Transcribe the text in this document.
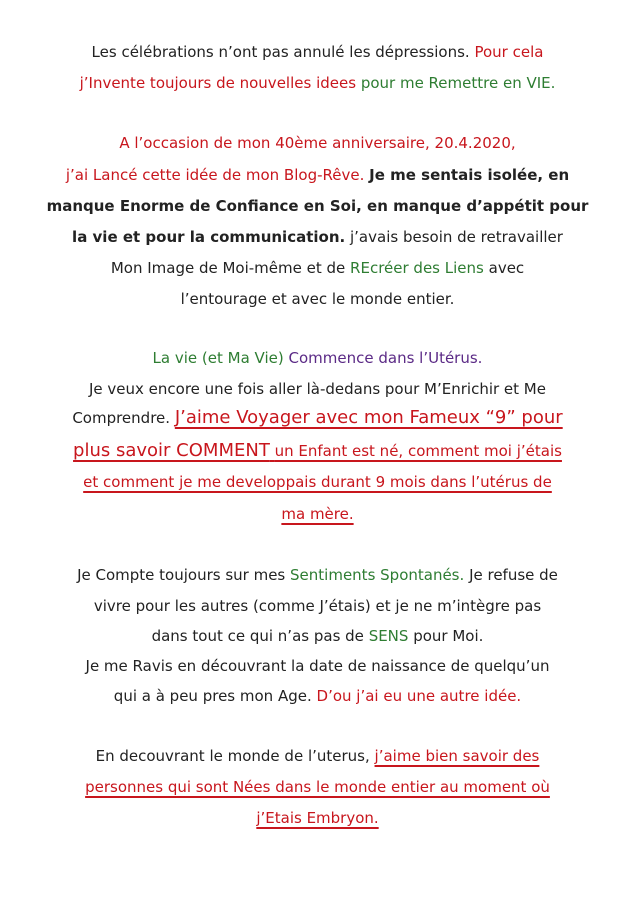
Les célébrations n’ont pas annulé les dépressions. Pour cela
j’Invente toujours de nouvelles idees pour me Remettre en VIE.
A l’occasion de mon 40ème anniversaire, 20.4.2020,
j’ai Lancé cette idée de mon Blog-Rêve. Je me sentais isolée, en
manque Enorme de Confiance en Soi, en manque d’appétit pour
la vie et pour la communication. j’avais besoin de retravailler
Mon Image de Moi-même et de REcréer des Liens avec
l’entourage et avec le monde entier.
La vie (et Ma Vie) Commence dans l’Utérus.
Je veux encore une fois aller là-dedans pour M’Enrichir et Me
Comprendre. J’aime Voyager avec mon Fameux “9” pour
plus savoir COMMENT un Enfant est né, comment moi j’étais
et comment je me developpais durant 9 mois dans l’utérus de
ma mère.
Je Compte toujours sur mes Sentiments Spontanés. Je refuse de
vivre pour les autres (comme J’étais) et je ne m’intègre pas
dans tout ce qui n’as pas de SENS pour Moi.
Je me Ravis en découvrant la date de naissance de quelqu’un
qui a à peu pres mon Age. D’ou j’ai eu une autre idée.
En decouvrant le monde de l’uterus, j’aime bien savoir des
personnes qui sont Nées dans le monde entier au moment où
j’Etais Embryon.
